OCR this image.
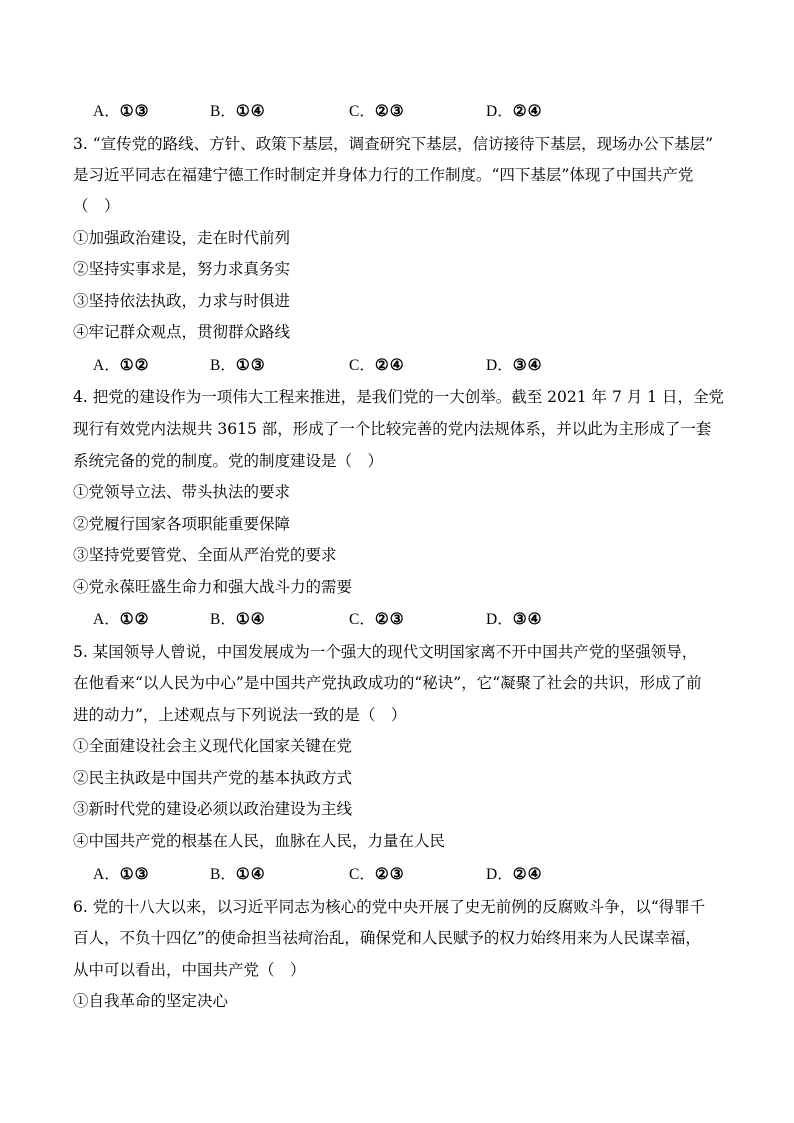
A．①③	B．①④	C．②③	D．②④
3. “宣传党的路线、方针、政策下基层，调查研究下基层，信访接待下基层，现场办公下基层”
是习近平同志在福建宁德工作时制定并身体力行的工作制度。“四下基层”体现了中国共产党
（　）
①加强政治建设，走在时代前列
②坚持实事求是，努力求真务实
③坚持依法执政，力求与时俱进
④牢记群众观点，贯彻群众路线
A．①②	B．①③	C．②④	D．③④
4. 把党的建设作为一项伟大工程来推进，是我们党的一大创举。截至 2021 年 7 月 1 日，全党
现行有效党内法规共 3615 部，形成了一个比较完善的党内法规体系，并以此为主形成了一套
系统完备的党的制度。党的制度建设是（　）
①党领导立法、带头执法的要求
②党履行国家各项职能重要保障
③坚持党要管党、全面从严治党的要求
④党永葆旺盛生命力和强大战斗力的需要
A．①②	B．①④	C．②③	D．③④
5. 某国领导人曾说，中国发展成为一个强大的现代文明国家离不开中国共产党的坚强领导，
在他看来“以人民为中心”是中国共产党执政成功的“秘诀”，它“凝聚了社会的共识，形成了前
进的动力”，上述观点与下列说法一致的是（　）
①全面建设社会主义现代化国家关键在党
②民主执政是中国共产党的基本执政方式
③新时代党的建设必须以政治建设为主线
④中国共产党的根基在人民，血脉在人民，力量在人民
A．①③	B．①④	C．②③	D．②④
6. 党的十八大以来，以习近平同志为核心的党中央开展了史无前例的反腐败斗争，以“得罪千
百人，不负十四亿”的使命担当祛疴治乱，确保党和人民赋予的权力始终用来为人民谋幸福，
从中可以看出，中国共产党（　）
①自我革命的坚定决心
